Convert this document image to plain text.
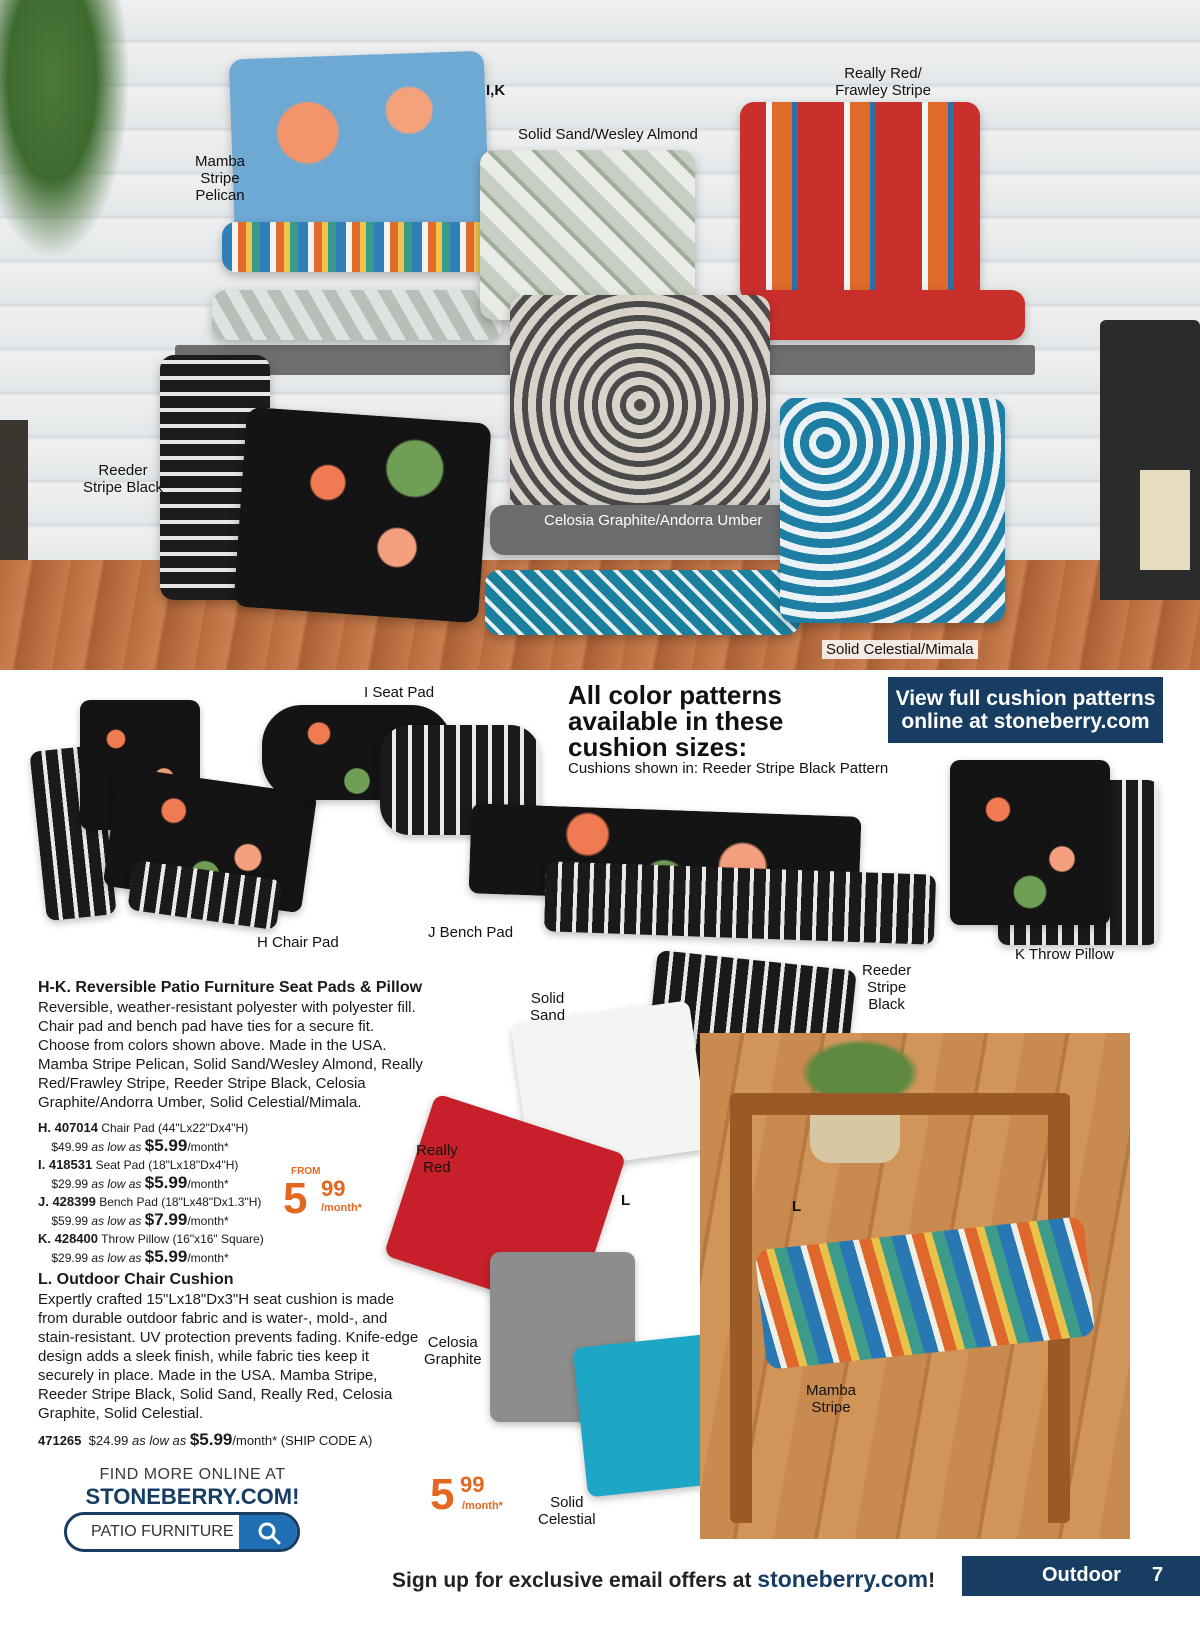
I,K
Really Red/
Frawley Stripe
Solid Sand/Wesley Almond
Mamba
Stripe
Pelican
Reeder
Stripe Black
Celosia Graphite/Andorra Umber
Solid Celestial/Mimala
I Seat Pad
H Chair Pad
J Bench Pad
K Throw Pillow
All color patterns available in these cushion sizes:
View full cushion patterns online at stoneberry.com
Cushions shown in: Reeder Stripe Black Pattern
H-K. Reversible Patio Furniture Seat Pads & Pillow

Reversible, weather-resistant polyester with polyester fill. Chair pad and bench pad have ties for a secure fit. Choose from colors shown above. Made in the USA. Mamba Stripe Pelican, Solid Sand/Wesley Almond, Really Red/Frawley Stripe, Reeder Stripe Black, Celosia Graphite/Andorra Umber, Solid Celestial/Mimala.

H. 407014 Chair Pad (44"Lx22"Dx4"H)
$49.99 as low as $5.99/month*
I. 418531 Seat Pad (18"Lx18"Dx4"H)
$29.99 as low as $5.99/month*
J. 428399 Bench Pad (18"Lx48"Dx1.3"H)
$59.99 as low as $7.99/month*
K. 428400 Throw Pillow (16"x16" Square)
$29.99 as low as $5.99/month*
FROM
5 99
/month*
L. Outdoor Chair Cushion

Expertly crafted 15"Lx18"Dx3"H seat cushion is made from durable outdoor fabric and is water-, mold-, and stain-resistant. UV protection prevents fading. Knife-edge design adds a sleek finish, while fabric ties keep it securely in place. Made in the USA. Mamba Stripe, Reeder Stripe Black, Solid Sand, Really Red, Celosia Graphite, Solid Celestial.

471265 $24.99 as low as $5.99/month* (SHIP CODE A)
Solid
Sand
Reeder
Stripe
Black
Really
Red
L	L
Celosia
Graphite
Mamba
Stripe
Solid
Celestial
5 99
/month*
FIND MORE ONLINE AT
STONEBERRY.COM!
PATIO FURNITURE
Sign up for exclusive email offers at stoneberry.com!	Outdoor 7
